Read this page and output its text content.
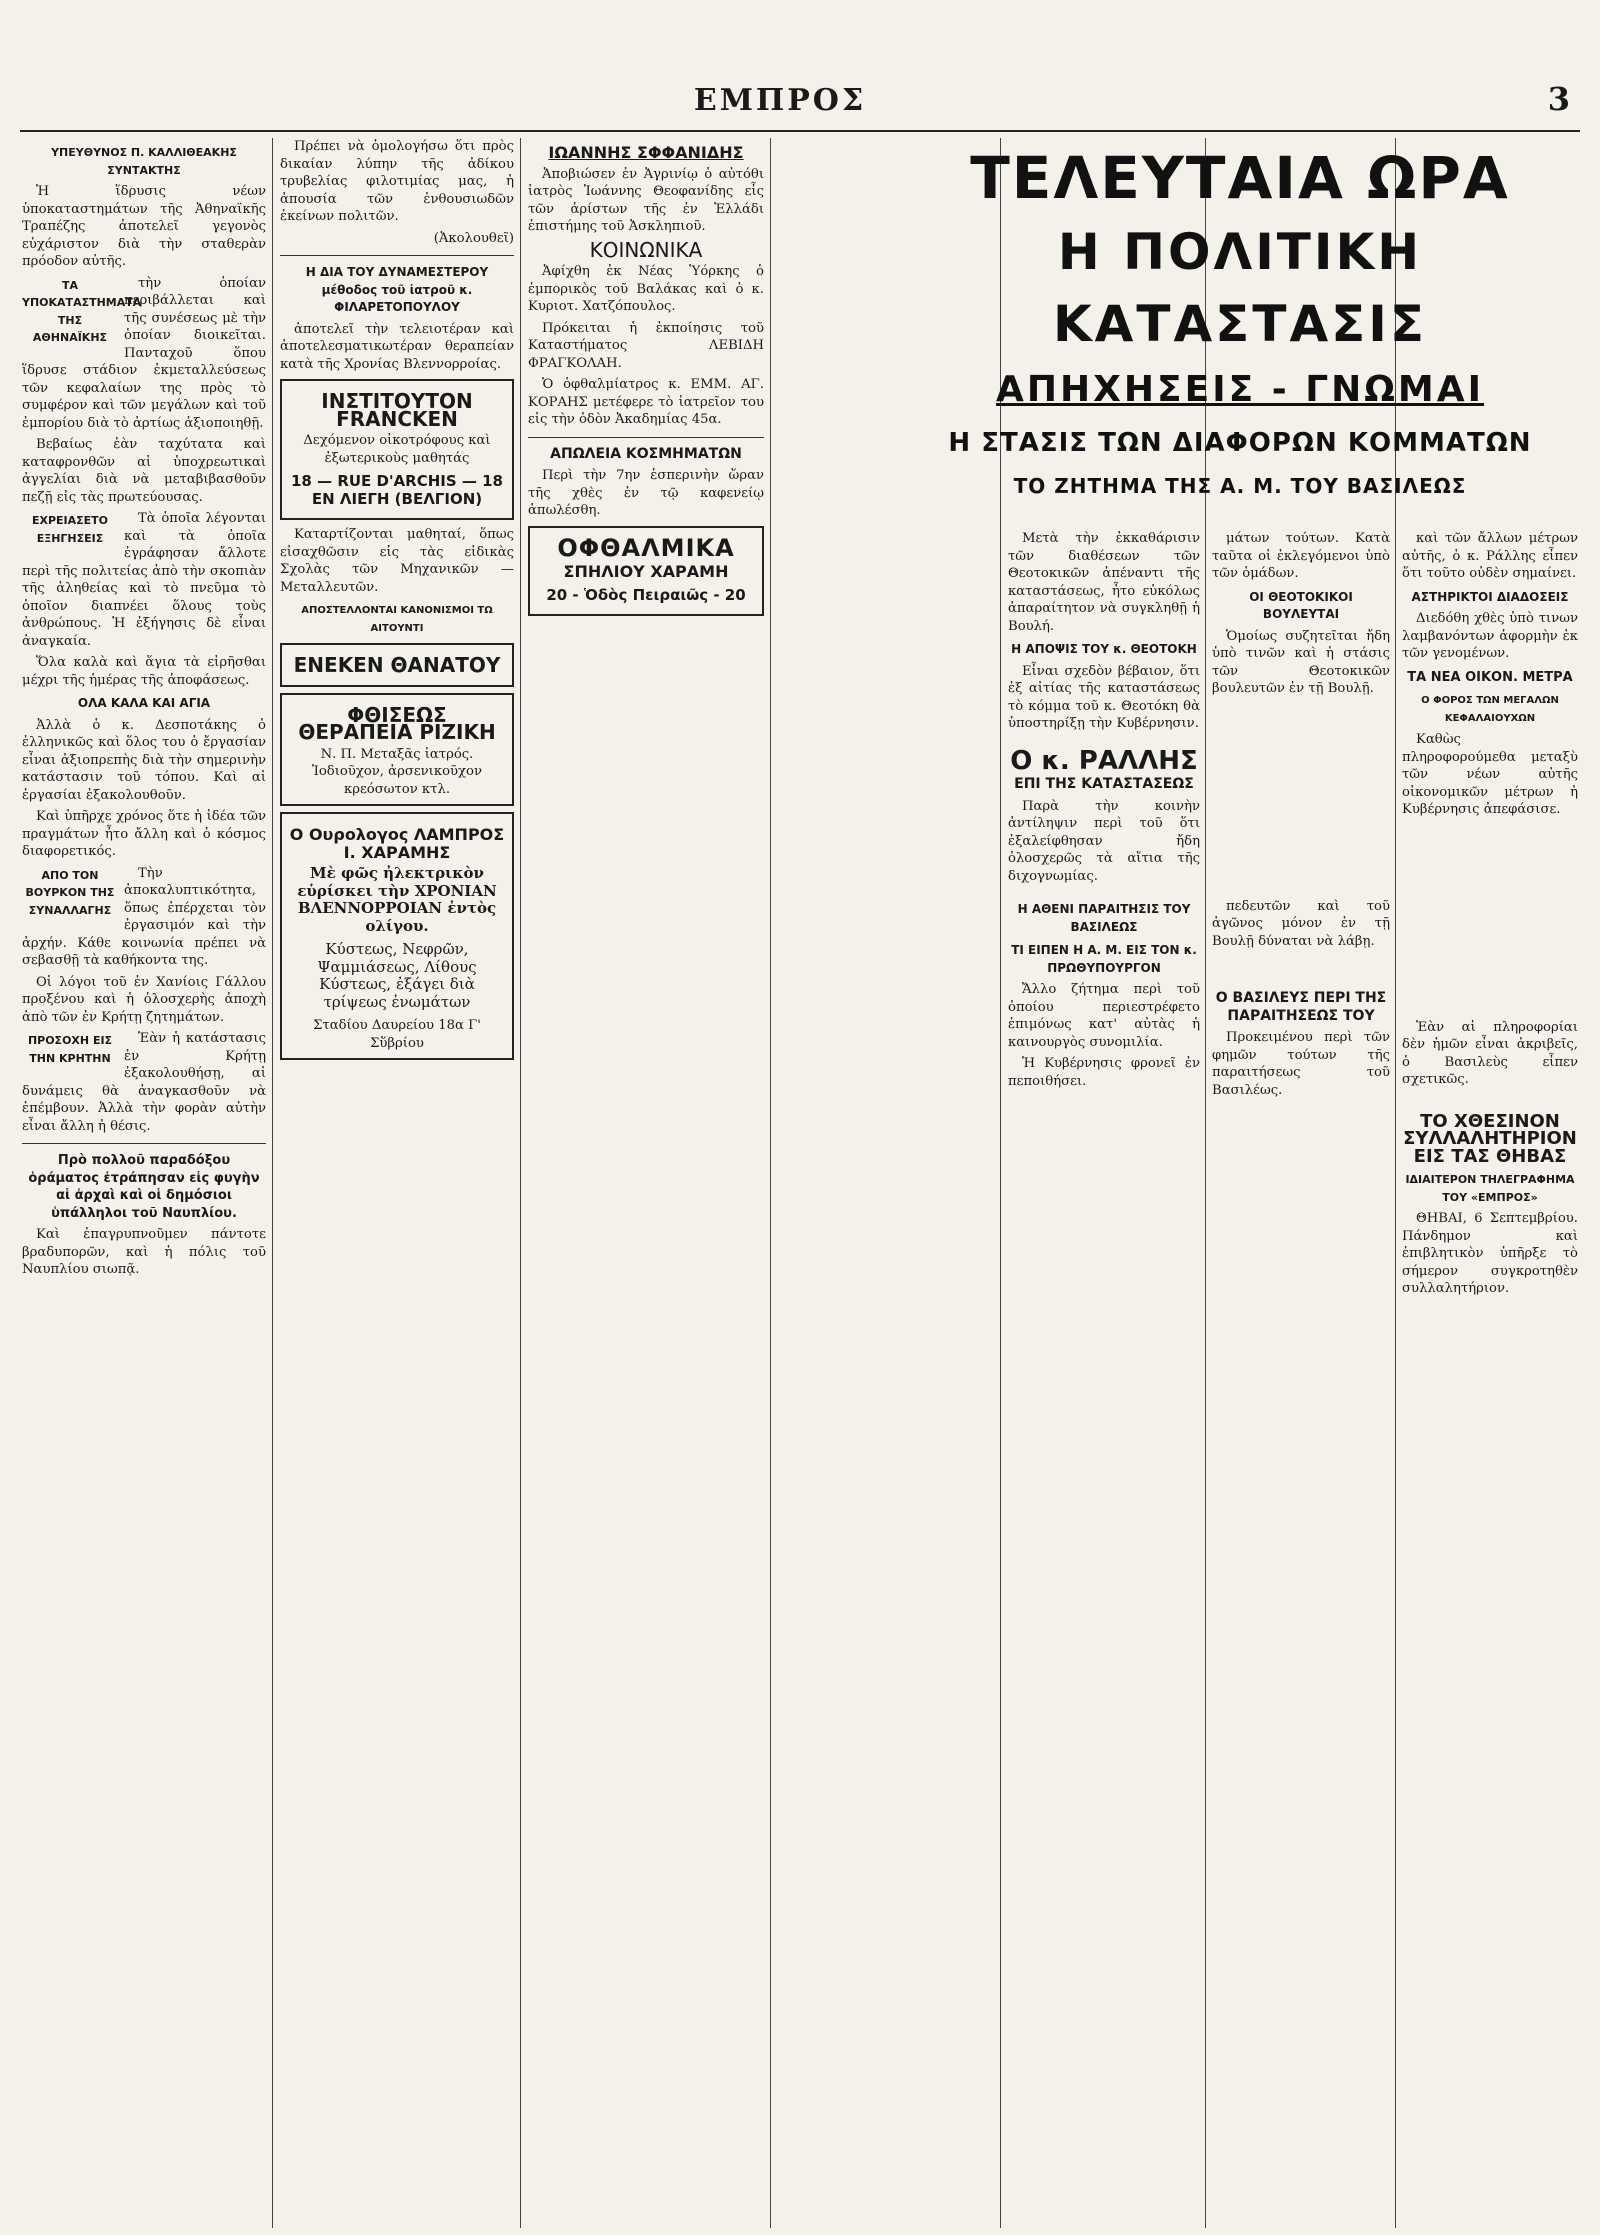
ΕΜΠΡΟΣ	3
ΥΠΕΥΘΥΝΟΣ Π. ΚΑΛΛΙΘΕΑΚΗΣ ΣΥΝΤΑΚΤΗΣ

Ἡ ἵδρυσις νέων ὑποκαταστημάτων τῆς Ἀθηναϊκῆς Τραπέζης ἀποτελεῖ γεγονὸς εὐχάριστον διὰ τὴν σταθερὰν πρόοδον αὐτῆς.

ΤΑ ΥΠΟΚΑΤΑΣΤΗΜΑΤΑ ΤΗΣ ΑΘΗΝΑΪΚΗΣ

τὴν ὁποίαν περιβάλλεται καὶ τῆς συνέσεως μὲ τὴν ὁποίαν διοικεῖται. Πανταχοῦ ὅπου ἵδρυσε στάδιον ἐκμεταλλεύσεως τῶν κεφαλαίων της πρὸς τὸ συμφέρον καὶ τῶν μεγάλων καὶ τοῦ ἐμπορίου διὰ τὸ ἀρτίως ἀξιοποιηθῇ.

Βεβαίως ἐὰν ταχύτατα καὶ καταφρονθῶν αἱ ὑποχρεωτικαὶ ἀγγελίαι διὰ νὰ μεταβιβασθοῦν πεζῇ εἰς τὰς πρωτεύουσας.

ΕΧΡΕΙΑΣΕΤΟ ΕΞΗΓΗΣΕΙΣ

Τὰ ὁποῖα λέγονται καὶ τὰ ὁποῖα ἐγράφησαν ἄλλοτε περὶ τῆς πολιτείας ἀπὸ τὴν σκοπιὰν τῆς ἀληθείας καὶ τὸ πνεῦμα τὸ ὁποῖον διαπνέει ὅλους τοὺς ἀνθρώπους. Ἡ ἐξήγησις δὲ εἶναι ἀναγκαία.

Ὅλα καλὰ καὶ ἅγια τὰ εἰρῆσθαι μέχρι τῆς ἡμέρας τῆς ἀποφάσεως.

ΟΛΑ ΚΑΛΑ ΚΑΙ ΑΓΙΑ

Ἀλλὰ ὁ κ. Δεσποτάκης ὁ ἐλληνικῶς καὶ ὅλος του ὁ ἔργασίαν εἶναι ἀξιοπρεπὴς διὰ τὴν σημερινὴν κατάστασιν τοῦ τόπου. Καὶ αἱ ἐργασίαι ἐξακολουθοῦν.

Καὶ ὑπῆρχε χρόνος ὅτε ἡ ἰδέα τῶν πραγμάτων ἦτο ἄλλη καὶ ὁ κόσμος διαφορετικός.

ΑΠΟ ΤΟΝ ΒΟΥΡΚΟΝ ΤΗΣ ΣΥΝΑΛΛΑΓΗΣ

Τὴν ἀποκαλυπτικότητα, ὅπως ἐπέρχεται τὸν ἐργασιμόν καὶ τὴν ἀρχήν. Κάθε κοινωνία πρέπει νὰ σεβασθῇ τὰ καθήκοντα της.

Οἱ λόγοι τοῦ ἐν Χανίοις Γάλλου προξένου καὶ ἡ ὁλοσχερὴς ἀποχὴ ἀπὸ τῶν ἐν Κρήτῃ ζητημάτων.

ΠΡΟΣΟΧΗ ΕΙΣ ΤΗΝ ΚΡΗΤΗΝ

Ἐὰν ἡ κατάστασις ἐν Κρήτῃ ἐξακολουθήσῃ, αἱ δυνάμεις θὰ ἀναγκασθοῦν νὰ ἐπέμβουν. Ἀλλὰ τὴν φορὰν αὐτὴν εἶναι ἄλλη ἡ θέσις.

Πρὸ πολλοῦ παραδόξου ὁράματος ἐτράπησαν εἰς φυγὴν αἱ ἀρχαὶ καὶ οἱ δημόσιοι ὑπάλληλοι τοῦ Ναυπλίου.

Καὶ ἐπαγρυπνοῦμεν πάντοτε βραδυπορῶν, καὶ ἡ πόλις τοῦ Ναυπλίου σιωπᾷ.

Πρέπει νὰ ὁμολογήσω ὅτι πρὸς δικαίαν λύπην τῆς ἀδίκου τρυβελίας φιλοτιμίας μας, ἡ ἀπουσία τῶν ἐνθουσιωδῶν ἐκείνων πολιτῶν.

(Ἀκολουθεῖ)

Η ΔΙΑ ΤΟΥ ΔΥΝΑΜΕΣΤΕΡΟΥ μέθοδος τοῦ ἰατροῦ κ. ΦΙΛΑΡΕΤΟΠΟΥΛΟΥ

ἀποτελεῖ τὴν τελειοτέραν καὶ ἀποτελεσματικωτέραν θεραπείαν κατὰ τῆς Χρονίας Βλεννορροίας.

ΙΝΣΤΙΤΟΥΤΟΝ FRANCKEN
Δεχόμενον οἰκοτρόφους καὶ ἐξωτερικοὺς μαθητάς
18 — RUE D'ARCHIS — 18 ΕΝ ΛΙΕΓΗ (ΒΕΛΓΙΟΝ)

Καταρτίζονται μαθηταί, ὅπως εἰσαχθῶσιν εἰς τὰς εἰδικὰς Σχολὰς τῶν Μηχανικῶν — Μεταλλευτῶν.

ΑΠΟΣΤΕΛΛΟΝΤΑΙ ΚΑΝΟΝΙΣΜΟΙ ΤΩ ΑΙΤΟΥΝΤΙ
ΕΝΕΚΕΝ ΘΑΝΑΤΟΥ
ΦΘΙΣΕΩΣ ΘΕΡΑΠΕΙΑ ΡΙΖΙΚΗ
Ν. Π. Μεταξᾶς ἰατρός. Ἰοδιοῦχον, ἀρσενικοῦχον κρεόσωτον κτλ.
Ο Ουρολογος ΛΑΜΠΡΟΣ Ι. ΧΑΡΑΜΗΣ
Μὲ φῶς ἠλεκτρικὸν εὑρίσκει τὴν ΧΡΟΝΙΑΝ ΒΛΕΝΝΟΡΡΟΙΑΝ ἐντὸς ολίγου.
Κύστεως, Νεφρῶν, Ψαμμιάσεως, Λίθους Κύστεως, ἐξάγει διὰ τρίψεως ἐνωμάτων
Σταδίου Δαυρείου 18α Γ' Σὕβρίου
ΙΩΑΝΝΗΣ ΣΦΦΑΝΙΔΗΣ

Ἀποβιώσεν ἐν Ἀγρινίῳ ὁ αὐτόθι ἰατρὸς Ἰωάννης Θεοφανίδης εἷς τῶν ἀρίστων τῆς ἐν Ἑλλάδι ἐπιστήμης τοῦ Ἀσκληπιοῦ.

ΚΟΙΝΩΝΙΚΑ

Ἀφίχθη ἐκ Νέας Ὑόρκης ὁ ἐμπορικὸς τοῦ Βαλάκας καὶ ὁ κ. Κυριοτ. Χατζόπουλος.

Πρόκειται ἡ ἐκποίησις τοῦ Καταστήματος ΛΕΒΙΔΗ ΦΡΑΓΚΟΛΑΗ.

Ὁ ὁφθαλμίατρος κ. ΕΜΜ. ΑΓ. ΚΟΡΑΗΣ μετέφερε τὸ ἰατρεῖον του εἰς τὴν ὁδὸν Ἀκαδημίας 45α.

ΑΠΩΛΕΙΑ ΚΟΣΜΗΜΑΤΩΝ

Περὶ τὴν 7ην ἑσπερινὴν ὥραν τῆς χθὲς ἐν τῷ καφενείῳ ἀπωλέσθη.

ΟΦΘΑΛΜΙΚΑ
ΣΠΗΛΙΟΥ ΧΑΡΑΜΗ
20 - Ὁδὸς Πειραιῶς - 20
ΤΕΛΕΥΤΑΙΑ ΩΡΑ
Η ΠΟΛΙΤΙΚΗ ΚΑΤΑΣΤΑΣΙΣ
ΑΠΗΧΗΣΕΙΣ - ΓΝΩΜΑΙ
Η ΣΤΑΣΙΣ ΤΩΝ ΔΙΑΦΟΡΩΝ ΚΟΜΜΑΤΩΝ
ΤΟ ΖΗΤΗΜΑ ΤΗΣ Α. Μ. ΤΟΥ ΒΑΣΙΛΕΩΣ

Μετὰ τὴν ἐκκαθάρισιν τῶν διαθέσεων τῶν Θεοτοκικῶν ἀπέναντι τῆς καταστάσεως, ἦτο εὐκόλως ἀπαραίτητον νὰ συγκληθῇ ἡ Βουλή.

Η ΑΠΟΨΙΣ ΤΟΥ κ. ΘΕΟΤΟΚΗ

Εἶναι σχεδὸν βέβαιον, ὅτι ἐξ αἰτίας τῆς καταστάσεως τὸ κόμμα τοῦ κ. Θεοτόκη θὰ ὑποστηρίξῃ τὴν Κυβέρνησιν.

Ο κ. ΡΑΛΛΗΣ
ΕΠΙ ΤΗΣ ΚΑΤΑΣΤΑΣΕΩΣ

Παρὰ τὴν κοινὴν ἀντίληψιν περὶ τοῦ ὅτι ἐξαλείφθησαν ἤδη ὁλοσχερῶς τὰ αἴτια τῆς διχογνωμίας.

Η ΑΘΕΝΙ ΠΑΡΑΙΤΗΣΙΣ ΤΟΥ ΒΑΣΙΛΕΩΣ
ΤΙ ΕΙΠΕΝ Η Α. Μ. ΕΙΣ ΤΟΝ κ. ΠΡΩΘΥΠΟΥΡΓΟΝ

Ἄλλο ζήτημα περὶ τοῦ ὁποίου περιεστρέφετο ἐπιμόνως κατ' αὐτὰς ἡ καινουργὸς συνομιλία.

Ἡ Κυβέρνησις φρονεῖ ἐν πεποιθήσει.

μάτων τούτων. Κατὰ ταῦτα οἱ ἐκλεγόμενοι ὑπὸ τῶν ὁμάδων.

ΟΙ ΘΕΟΤΟΚΙΚΟΙ ΒΟΥΛΕΥΤΑΙ

Ὁμοίως συζητεῖται ἤδη ὑπὸ τινῶν καὶ ἡ στάσις τῶν Θεοτοκικῶν βουλευτῶν ἐν τῇ Βουλῇ.

πεδευτῶν καὶ τοῦ ἀγῶνος μόνον ἐν τῇ Βουλῇ δύναται νὰ λάβῃ.

Ο ΒΑΣΙΛΕΥΣ ΠΕΡΙ ΤΗΣ ΠΑΡΑΙΤΗΣΕΩΣ ΤΟΥ

Προκειμένου περὶ τῶν φημῶν τούτων τῆς παραιτήσεως τοῦ Βασιλέως.

καὶ τῶν ἄλλων μέτρων αὐτῆς, ὁ κ. Ράλλης εἶπεν ὅτι τοῦτο οὐδὲν σημαίνει.

ΑΣΤΗΡΙΚΤΟΙ ΔΙΑΔΟΣΕΙΣ

Διεδόθη χθὲς ὑπὸ τινων λαμβανόντων ἀφορμὴν ἐκ τῶν γενομένων.

ΤΑ ΝΕΑ ΟΙΚΟΝ. ΜΕΤΡΑ
Ο ΦΟΡΟΣ ΤΩΝ ΜΕΓΑΛΩΝ ΚΕΦΑΛΑΙΟΥΧΩΝ

Καθὼς πληροφορούμεθα μεταξὺ τῶν νέων αὐτῆς οἰκονομικῶν μέτρων ἡ Κυβέρνησις ἀπεφάσισε.

Ἐὰν αἱ πληροφορίαι δὲν ἡμῶν εἶναι ἀκριβεῖς, ὁ Βασιλεὺς εἶπεν σχετικῶς.

ΤΟ ΧΘΕΣΙΝΟΝ ΣΥΛΛΑΛΗΤΗΡΙΟΝ ΕΙΣ ΤΑΣ ΘΗΒΑΣ
ΙΔΙΑΙΤΕΡΟΝ ΤΗΛΕΓΡΑΦΗΜΑ ΤΟΥ «ΕΜΠΡΟΣ»

ΘΗΒΑΙ, 6 Σεπτεμβρίου. Πάνδημον καὶ ἐπιβλητικὸν ὑπῆρξε τὸ σήμερον συγκροτηθὲν συλλαλητήριον.
